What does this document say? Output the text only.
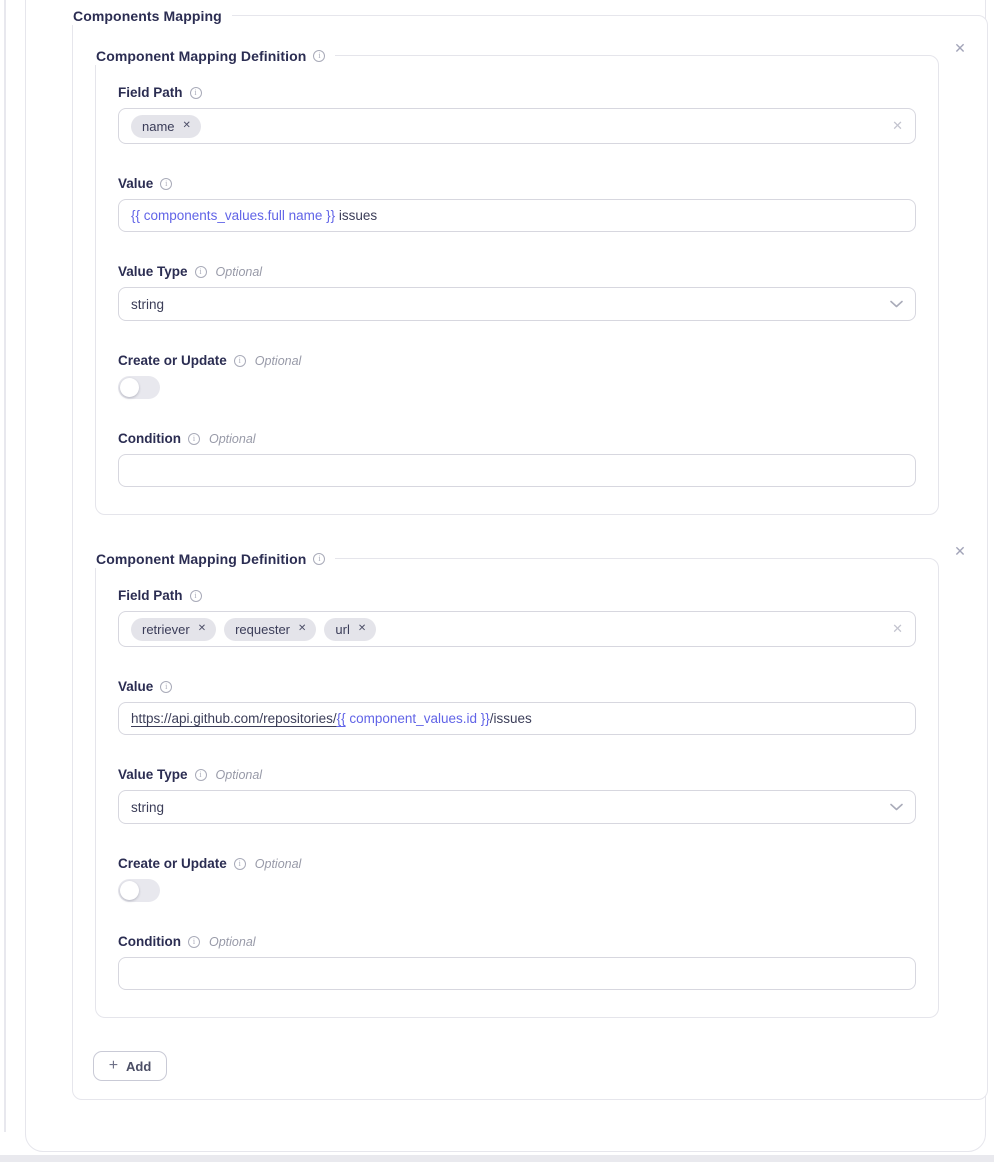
Components Mapping
✕
✕
Component Mapping Definition	i
Field Path	i
name ✕	✕
Value	i
{{ components_values.full name }} issues
Value Type	i	Optional
string
Create or Update	i	Optional
Condition	i	Optional
Component Mapping Definition	i
Field Path	i
retriever ✕ requester ✕ url ✕	✕
Value	i
https://api.github.com/repositories/ {{ component_values.id }} /issues
Value Type	i	Optional
string
Create or Update	i	Optional
Condition	i	Optional
+ Add
